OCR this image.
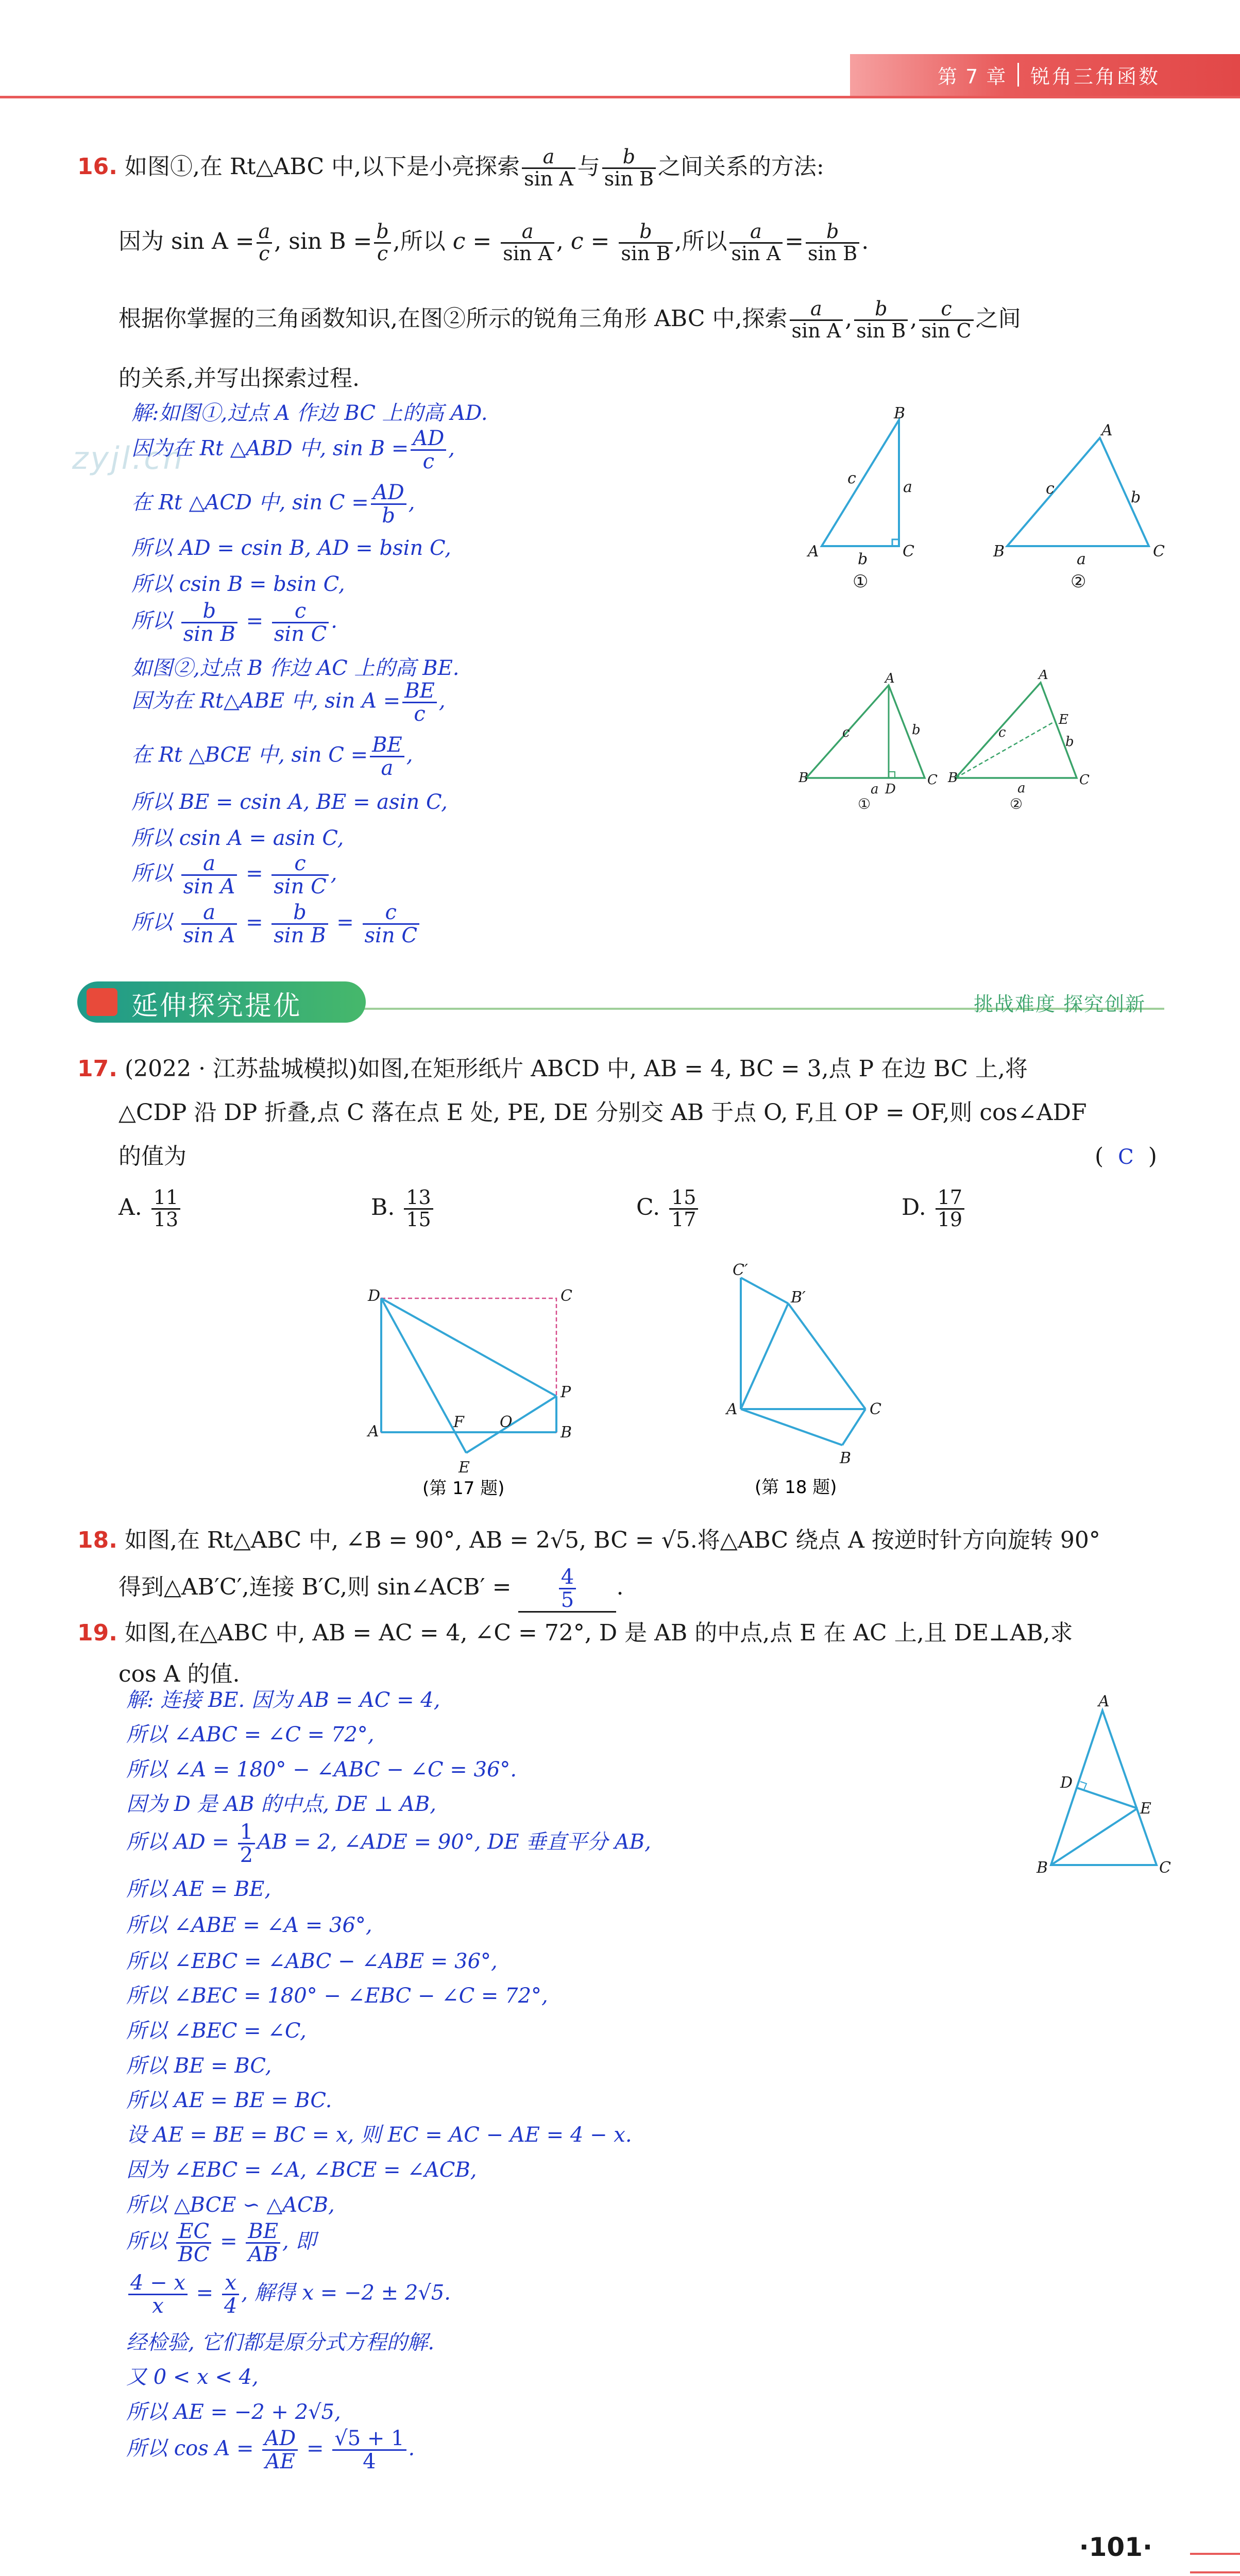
第 7 章 锐角三角函数
zyjl.cn
16. 如图①,在 Rt△ABC 中,以下是小亮探索 $\frac{a}{\text{sin A}}$ 与 $\frac{b}{\text{sin B}}$ 之间关系的方法:
因为 $\sin A = \frac{a}{c}$ , $\sin B = \frac{b}{c}$ ,所以 $c = \frac{a}{\text{sin A}}$ , $c = \frac{b}{\text{sin B}}$ ,所以 $\frac{a}{\text{sin A}} = \frac{b}{\text{sin B}}$ .
根据你掌握的三角函数知识,在图②所示的锐角三角形 ABC 中,探索 $\frac{a}{\text{sin A}}$ , $\frac{b}{\text{sin B}}$ , $\frac{c}{\text{sin C}}$ 之间
的关系,并写出探索过程.
解:如图①,过点 A 作边 BC 上的高 AD.
因为在 Rt △ABD 中, $\sin B = \frac{AD}{c}$ ,
在 Rt △ACD 中, $\sin C = \frac{AD}{b}$ ,
所以 AD = csin B, AD = bsin C,
所以 csin B = bsin C,
所以 $\frac{b}{\text{sin B}} = \frac{c}{\text{sin C}}$ .
如图②,过点 B 作边 AC 上的高 BE.
因为在 Rt△ABE 中, $\sin A = \frac{BE}{c}$ ,
在 Rt △BCE 中, $\sin C = \frac{BE}{a}$ ,
所以 BE = csin A, BE = asin C,
所以 csin A = asin C,
所以 $\frac{a}{\text{sin A}} = \frac{c}{\text{sin C}}$ ,
所以 $\frac{a}{\text{sin A}} = \frac{b}{\text{sin B}} = \frac{c}{\text{sin C}}$
B
A	C
c	a
b
①
A
B	C
c	b
a
②
A
B	C
D
c	b
a
①
A
B	C
E
c
b
a
②
延伸探究提优	挑战难度 探究创新
17. (2022 · 江苏盐城模拟)如图,在矩形纸片 ABCD 中, AB = 4, BC = 3,点 P 在边 BC 上,将
△CDP 沿 DP 折叠,点 C 落在点 E 处, PE, DE 分别交 AB 于点 O, F,且 OP = OF,则 cos∠ADF
的值为	(  C  )
A. $\frac{11}{13}$	B. $\frac{13}{15}$	C. $\frac{15}{17}$	D. $\frac{17}{19}$
D	C
A	B
P
F O
E
(第 17 题)
C′
B′
A	C
B
(第 18 题)
18. 如图,在 Rt△ABC 中, ∠B = 90°, AB = 2√5, BC = √5.将△ABC 绕点 A 按逆时针方向旋转 90°
得到△AB′C′,连接 B′C,则 sin∠ACB′ = $\frac{4}{5}$ .
19. 如图,在△ABC 中, AB = AC = 4, ∠C = 72°, D 是 AB 的中点,点 E 在 AC 上,且 DE⊥AB,求
cos A 的值.
A
D
E
B	C
解: 连接 BE. 因为 AB = AC = 4,
所以 ∠ABC = ∠C = 72°,
所以 ∠A = 180° − ∠ABC − ∠C = 36°.
因为 D 是 AB 的中点, DE ⊥ AB,
所以 AD = $\frac{1}{2}$ AB = 2, ∠ADE = 90°, DE 垂直平分 AB,
所以 AE = BE,
所以 ∠ABE = ∠A = 36°,
所以 ∠EBC = ∠ABC − ∠ABE = 36°,
所以 ∠BEC = 180° − ∠EBC − ∠C = 72°,
所以 ∠BEC = ∠C,
所以 BE = BC,
所以 AE = BE = BC.
设 AE = BE = BC = x, 则 EC = AC − AE = 4 − x.
因为 ∠EBC = ∠A, ∠BCE = ∠ACB,
所以 △BCE ∽ △ACB,
所以 $\frac{EC}{BC} = \frac{BE}{AB}$ , 即
$\frac{4 - x}{x} = \frac{x}{4}$ , 解得 x = −2 ± 2√5.
经检验, 它们都是原分式方程的解.
又 0 < x < 4,
所以 AE = −2 + 2√5,
所以 $\cos A = \frac{AD}{AE} = \frac{√5 + 1}{4}$ .
·101·
